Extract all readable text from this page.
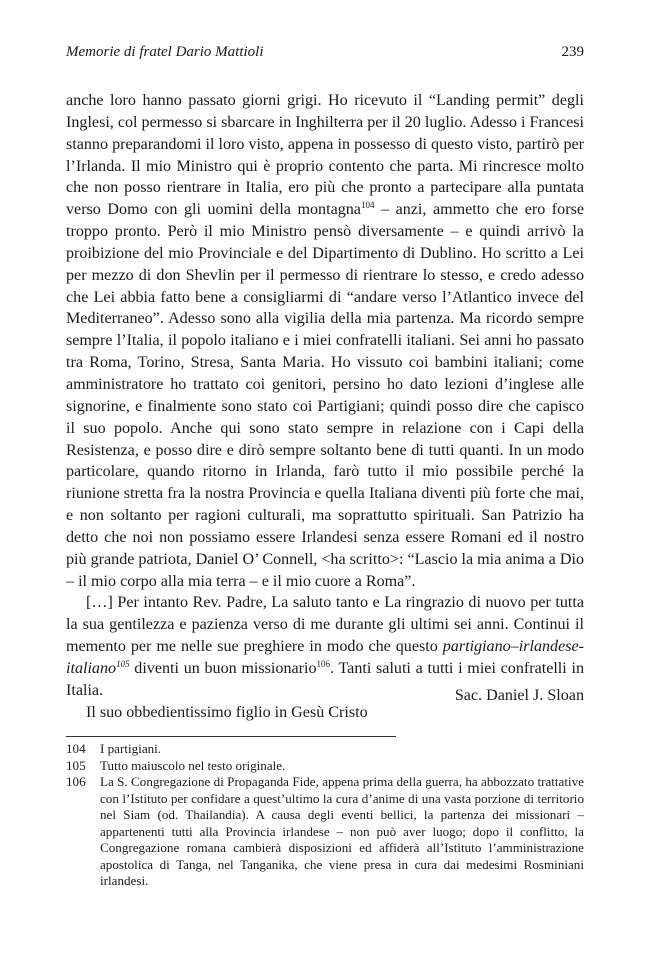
Memorie di fratel Dario Mattioli	239

anche loro hanno passato giorni grigi. Ho ricevuto il “Landing permit” degli Inglesi, col permesso si sbarcare in Inghilterra per il 20 luglio. Adesso i Francesi stanno preparandomi il loro visto, appena in possesso di questo visto, partirò per l’Irlanda. Il mio Ministro qui è proprio contento che parta. Mi rincresce molto che non posso rientrare in Italia, ero più che pronto a partecipare alla puntata verso Domo con gli uomini della montagna$^{104}$ – anzi, ammetto che ero forse troppo pronto. Però il mio Ministro pensò diversamente – e quindi arrivò la proibizione del mio Provinciale e del Dipartimento di Dublino. Ho scritto a Lei per mezzo di don Shevlin per il permesso di rientrare lo stesso, e credo adesso che Lei abbia fatto bene a consigliarmi di “andare verso l’Atlantico invece del Mediterraneo”. Adesso sono alla vigilia della mia partenza. Ma ricordo sempre sempre l’Italia, il popolo italiano e i miei confratelli italiani. Sei anni ho passato tra Roma, Torino, Stresa, Santa Maria. Ho vissuto coi bambini italiani; come amministratore ho trattato coi genitori, persino ho dato lezioni d’inglese alle signorine, e finalmente sono stato coi Partigiani; quindi posso dire che capisco il suo popolo. Anche qui sono stato sempre in relazione con i Capi della Resistenza, e posso dire e dirò sempre soltanto bene di tutti quanti. In un modo particolare, quando ritorno in Irlanda, farò tutto il mio possibile perché la riunione stretta fra la nostra Provincia e quella Italiana diventi più forte che mai, e non soltanto per ragioni culturali, ma soprattutto spirituali. San Patrizio ha detto che noi non possiamo essere Irlandesi senza essere Romani ed il nostro più grande patriota, Daniel O’ Connell, <ha scritto>: “Lascio la mia anima a Dio – il mio corpo alla mia terra – e il mio cuore a Roma”.

[…] Per intanto Rev. Padre, La saluto tanto e La ringrazio di nuovo per tutta la sua gentilezza e pazienza verso di me durante gli ultimi sei anni. Continui il memento per me nelle sue preghiere in modo che questo partigiano–irlandese-italiano$^{105}$ diventi un buon missionario$^{106}$. Tanti saluti a tutti i miei confratelli in Italia.

Il suo obbedientissimo figlio in Gesù Cristo

Sac. Daniel J. Sloan
104	I partigiani.
105	Tutto maiuscolo nel testo originale.
106	La S. Congregazione di Propaganda Fide, appena prima della guerra, ha abbozzato trattative con l’Istituto per confidare a quest’ultimo la cura d’anime di una vasta porzione di territorio nel Siam (od. Thailandia). A causa degli eventi bellici, la partenza dei missionari – appartenenti tutti alla Provincia irlandese – non può aver luogo; dopo il conflitto, la Congregazione romana cambierà disposizioni ed affiderà all’Istituto l’amministrazione apostolica di Tanga, nel Tanganika, che viene presa in cura dai medesimi Rosminiani irlandesi.
